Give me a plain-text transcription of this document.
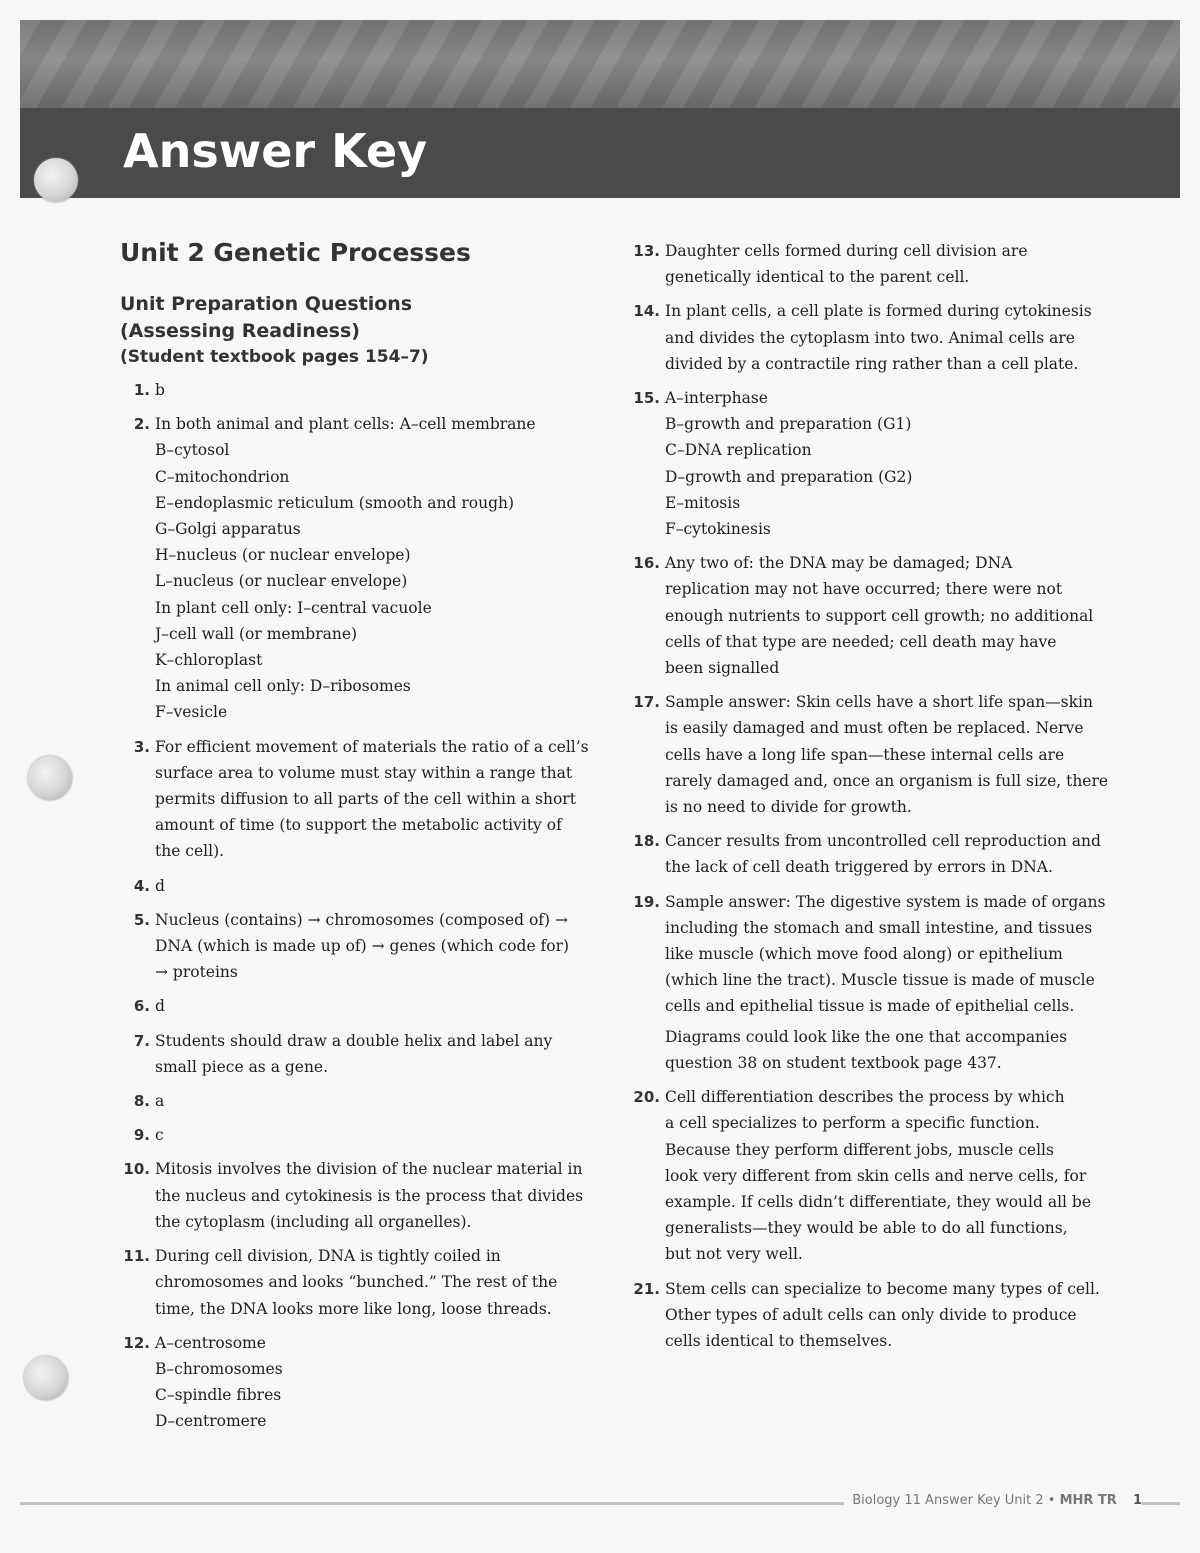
Answer Key
Unit 2 Genetic Processes
Unit Preparation Questions
(Assessing Readiness)
(Student textbook pages 154–7)
1. b
2. In both animal and plant cells: A–cell membrane
B–cytosol
C–mitochondrion
E–endoplasmic reticulum (smooth and rough)
G–Golgi apparatus
H–nucleus (or nuclear envelope)
L–nucleus (or nuclear envelope)
In plant cell only: I–central vacuole
J–cell wall (or membrane)
K–chloroplast
In animal cell only: D–ribosomes
F–vesicle
3. For efficient movement of materials the ratio of a cell’s
surface area to volume must stay within a range that
permits diffusion to all parts of the cell within a short
amount of time (to support the metabolic activity of
the cell).
4. d
5. Nucleus (contains) → chromosomes (composed of) →
DNA (which is made up of) → genes (which code for)
→ proteins
6. d
7. Students should draw a double helix and label any
small piece as a gene.
8. a
9. c
10. Mitosis involves the division of the nuclear material in
the nucleus and cytokinesis is the process that divides
the cytoplasm (including all organelles).
11. During cell division, DNA is tightly coiled in
chromosomes and looks “bunched.” The rest of the
time, the DNA looks more like long, loose threads.
12. A–centrosome
B–chromosomes
C–spindle fibres
D–centromere
13. Daughter cells formed during cell division are
genetically identical to the parent cell.
14. In plant cells, a cell plate is formed during cytokinesis
and divides the cytoplasm into two. Animal cells are
divided by a contractile ring rather than a cell plate.
15. A–interphase
B–growth and preparation (G1)
C–DNA replication
D–growth and preparation (G2)
E–mitosis
F–cytokinesis
16. Any two of: the DNA may be damaged; DNA
replication may not have occurred; there were not
enough nutrients to support cell growth; no additional
cells of that type are needed; cell death may have
been signalled
17. Sample answer: Skin cells have a short life span—skin
is easily damaged and must often be replaced. Nerve
cells have a long life span—these internal cells are
rarely damaged and, once an organism is full size, there
is no need to divide for growth.
18. Cancer results from uncontrolled cell reproduction and
the lack of cell death triggered by errors in DNA.
19. Sample answer: The digestive system is made of organs
including the stomach and small intestine, and tissues
like muscle (which move food along) or epithelium
(which line the tract). Muscle tissue is made of muscle
cells and epithelial tissue is made of epithelial cells.
Diagrams could look like the one that accompanies
question 38 on student textbook page 437.
20. Cell differentiation describes the process by which
a cell specializes to perform a specific function.
Because they perform different jobs, muscle cells
look very different from skin cells and nerve cells, for
example. If cells didn’t differentiate, they would all be
generalists—they would be able to do all functions,
but not very well.
21. Stem cells can specialize to become many types of cell.
Other types of adult cells can only divide to produce
cells identical to themselves.
Biology 11 Answer Key Unit 2 • MHR TR 1
